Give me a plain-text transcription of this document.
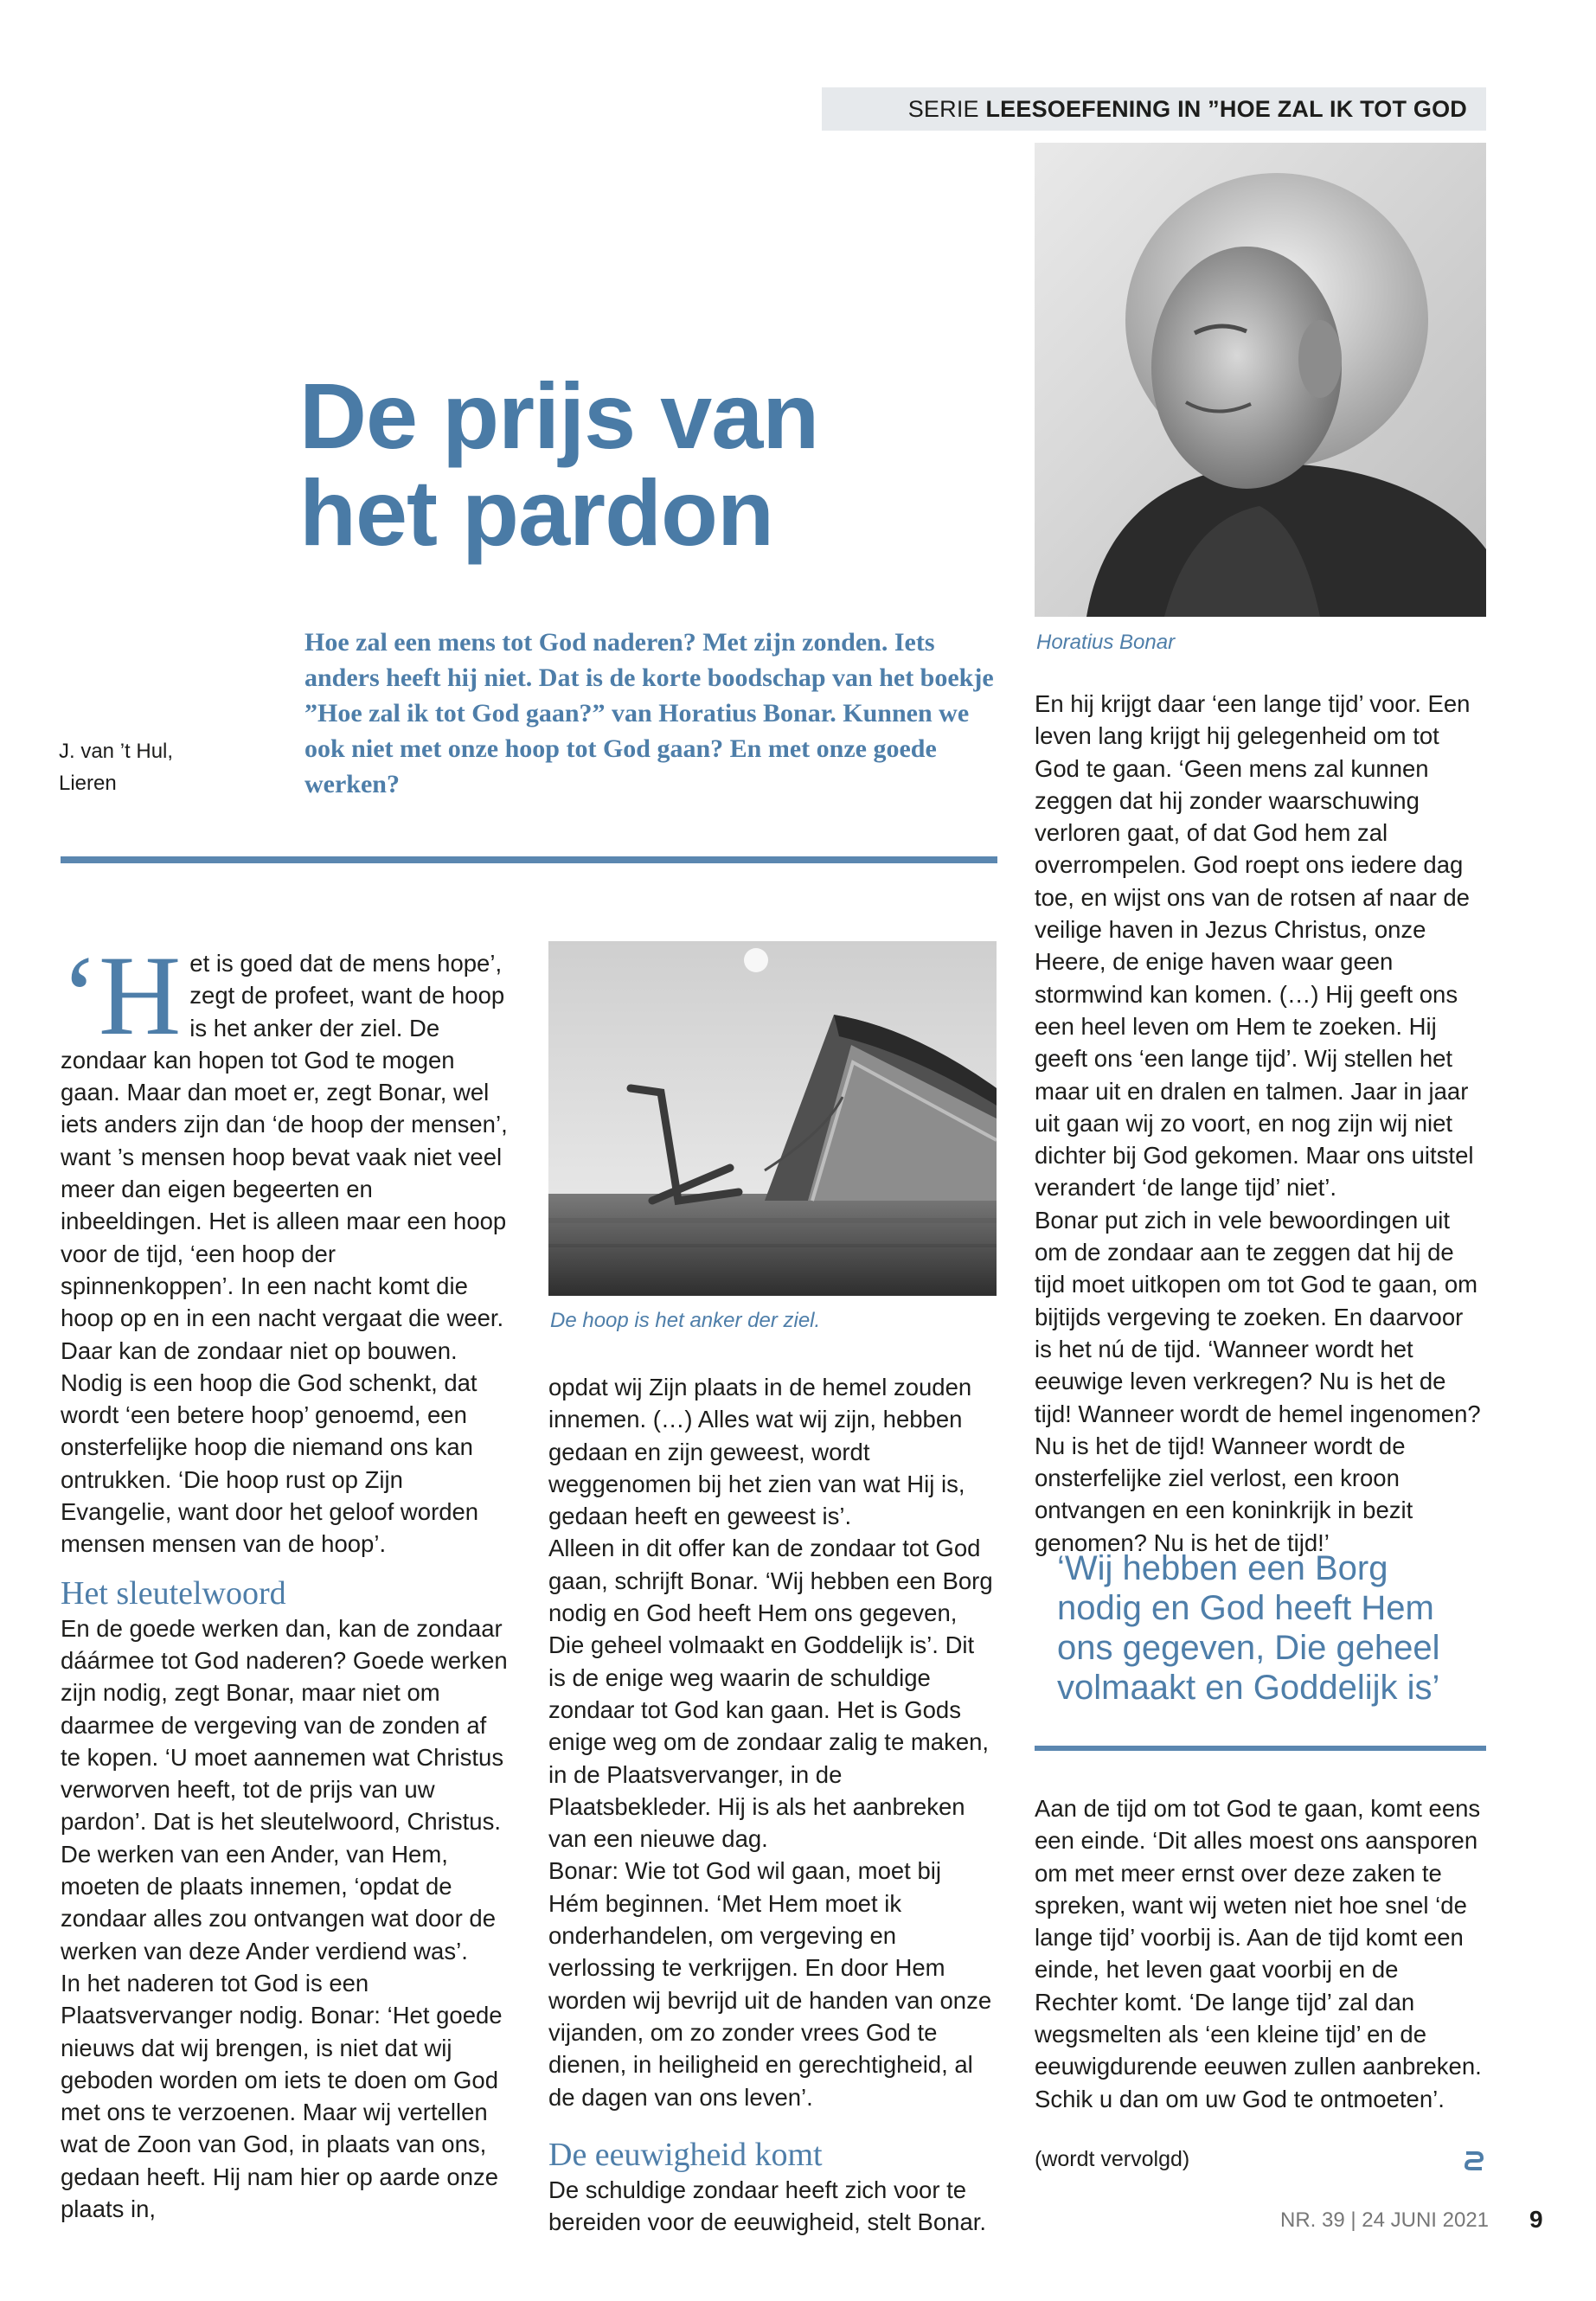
SERIE LEESOEFENING IN ”HOE ZAL IK TOT GOD
Horatius Bonar
De prijs van
het pardon
Hoe zal een mens tot God naderen? Met zijn zonden. Iets anders heeft hij niet. Dat is de korte boodschap van het boekje ”Hoe zal ik tot God gaan?” van Horatius Bonar. Kunnen we ook niet met onze hoop tot God gaan? En met onze goede werken?
J. van ’t Hul,
Lieren

‘Het is goed dat de mens hope’, zegt de profeet, want de hoop is het anker der ziel. De zondaar kan hopen tot God te mogen gaan. Maar dan moet er, zegt Bonar, wel iets anders zijn dan ‘de hoop der mensen’, want ’s mensen hoop bevat vaak niet veel meer dan eigen begeerten en inbeeldingen. Het is alleen maar een hoop voor de tijd, ‘een hoop der spinnenkoppen’. In een nacht komt die hoop op en in een nacht vergaat die weer. Daar kan de zondaar niet op bouwen. Nodig is een hoop die God schenkt, dat wordt ‘een betere hoop’ genoemd, een onsterfelijke hoop die niemand ons kan ontrukken. ‘Die hoop rust op Zijn Evangelie, want door het geloof worden mensen mensen van de hoop’.

Het sleutelwoord

En de goede werken dan, kan de zondaar dáármee tot God naderen? Goede werken zijn nodig, zegt Bonar, maar niet om daarmee de vergeving van de zonden af te kopen. ‘U moet aannemen wat Christus verworven heeft, tot de prijs van uw pardon’. Dat is het sleutelwoord, Christus. De werken van een Ander, van Hem, moeten de plaats innemen, ‘opdat de zondaar alles zou ontvangen wat door de werken van deze Ander verdiend was’.

In het naderen tot God is een Plaatsvervanger nodig. Bonar: ‘Het goede nieuws dat wij brengen, is niet dat wij geboden worden om iets te doen om God met ons te verzoenen. Maar wij vertellen wat de Zoon van God, in plaats van ons, gedaan heeft. Hij nam hier op aarde onze plaats in,

De hoop is het anker der ziel.

opdat wij Zijn plaats in de hemel zouden innemen. (…) Alles wat wij zijn, hebben gedaan en zijn geweest, wordt weggenomen bij het zien van wat Hij is, gedaan heeft en geweest is’.

Alleen in dit offer kan de zondaar tot God gaan, schrijft Bonar. ‘Wij hebben een Borg nodig en God heeft Hem ons gegeven, Die geheel volmaakt en Goddelijk is’. Dit is de enige weg waarin de schuldige zondaar tot God kan gaan. Het is Gods enige weg om de zondaar zalig te maken, in de Plaatsvervanger, in de Plaatsbekleder. Hij is als het aanbreken van een nieuwe dag.

Bonar: Wie tot God wil gaan, moet bij Hém beginnen. ‘Met Hem moet ik onderhandelen, om vergeving en verlossing te verkrijgen. En door Hem worden wij bevrijd uit de handen van onze vijanden, om zo zonder vrees God te dienen, in heiligheid en gerechtigheid, al de dagen van ons leven’.

De eeuwigheid komt

De schuldige zondaar heeft zich voor te bereiden voor de eeuwigheid, stelt Bonar.

En hij krijgt daar ‘een lange tijd’ voor. Een leven lang krijgt hij gelegenheid om tot God te gaan. ‘Geen mens zal kunnen zeggen dat hij zonder waarschuwing verloren gaat, of dat God hem zal overrompelen. God roept ons iedere dag toe, en wijst ons van de rotsen af naar de veilige haven in Jezus Christus, onze Heere, de enige haven waar geen stormwind kan komen. (…) Hij geeft ons een heel leven om Hem te zoeken. Hij geeft ons ‘een lange tijd’. Wij stellen het maar uit en dralen en talmen. Jaar in jaar uit gaan wij zo voort, en nog zijn wij niet dichter bij God gekomen. Maar ons uitstel verandert ‘de lange tijd’ niet’.

Bonar put zich in vele bewoordingen uit om de zondaar aan te zeggen dat hij de tijd moet uitkopen om tot God te gaan, om bijtijds vergeving te zoeken. En daarvoor is het nú de tijd. ‘Wanneer wordt het eeuwige leven verkregen? Nu is het de tijd! Wanneer wordt de hemel ingenomen? Nu is het de tijd! Wanneer wordt de onsterfelijke ziel verlost, een kroon ontvangen en een koninkrijk in bezit genomen? Nu is het de tijd!’

‘Wij hebben een Borg nodig en God heeft Hem ons gegeven, Die geheel volmaakt en Goddelijk is’

Aan de tijd om tot God te gaan, komt eens een einde. ‘Dit alles moest ons aansporen om met meer ernst over deze zaken te spreken, want wij weten niet hoe snel ‘de lange tijd’ voorbij is. Aan de tijd komt een einde, het leven gaat voorbij en de Rechter komt. ‘De lange tijd’ zal dan wegsmelten als ‘een kleine tijd’ en de eeuwigdurende eeuwen zullen aanbreken. Schik u dan om uw God te ontmoeten’.

(wordt vervolgd)
NR. 39 | 24 JUNI 2021 9
